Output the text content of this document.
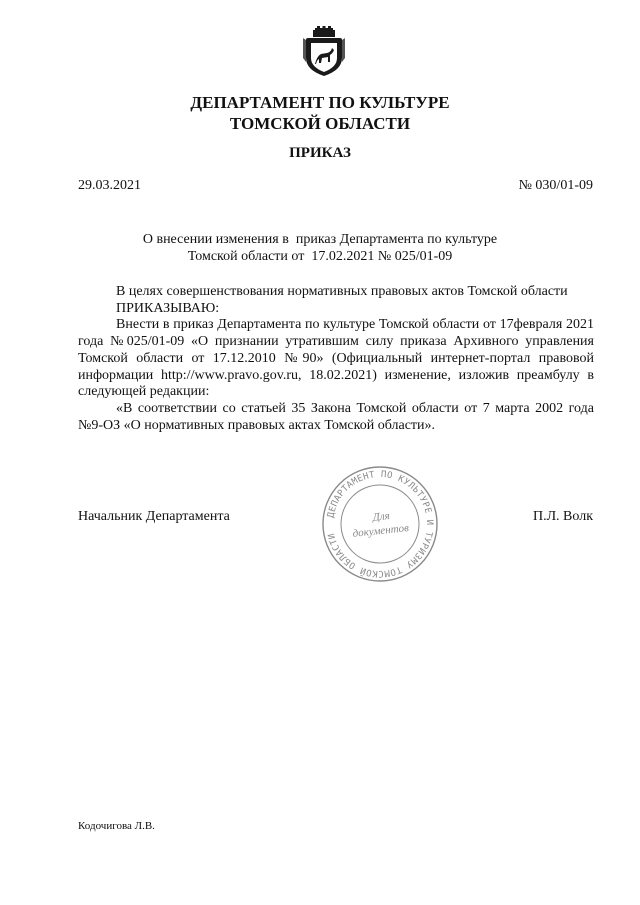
ДЕПАРТАМЕНТ ПО КУЛЬТУРЕ
ТОМСКОЙ ОБЛАСТИ
ПРИКАЗ
29.03.2021	№ 030/01-09
О внесении изменения в  приказ Департамента по культуре
Томской области от  17.02.2021 № 025/01-09

В целях совершенствования нормативных правовых актов Томской области

ПРИКАЗЫВАЮ:

Внести в приказ Департамента по культуре Томской области от 17февраля 2021 года №025/01-09 «О признании утратившим силу приказа Архивного управления Томской области от 17.12.2010 №90» (Официальный интернет-портал правовой информации http://www.pravo.gov.ru, 18.02.2021) изменение, изложив преамбулу в следующей редакции:

«В соответствии со статьей 35 Закона Томской области от 7 марта 2002 года №9-ОЗ «О нормативных правовых актах Томской области».

Начальник Департамента	П.Л. Волк
ДЕПАРТАМЕНТ ПО КУЛЬТУРЕ И ТУРИЗМУ ТОМСКОЙ ОБЛАСТИ
Для
документов
Кодочигова Л.В.
